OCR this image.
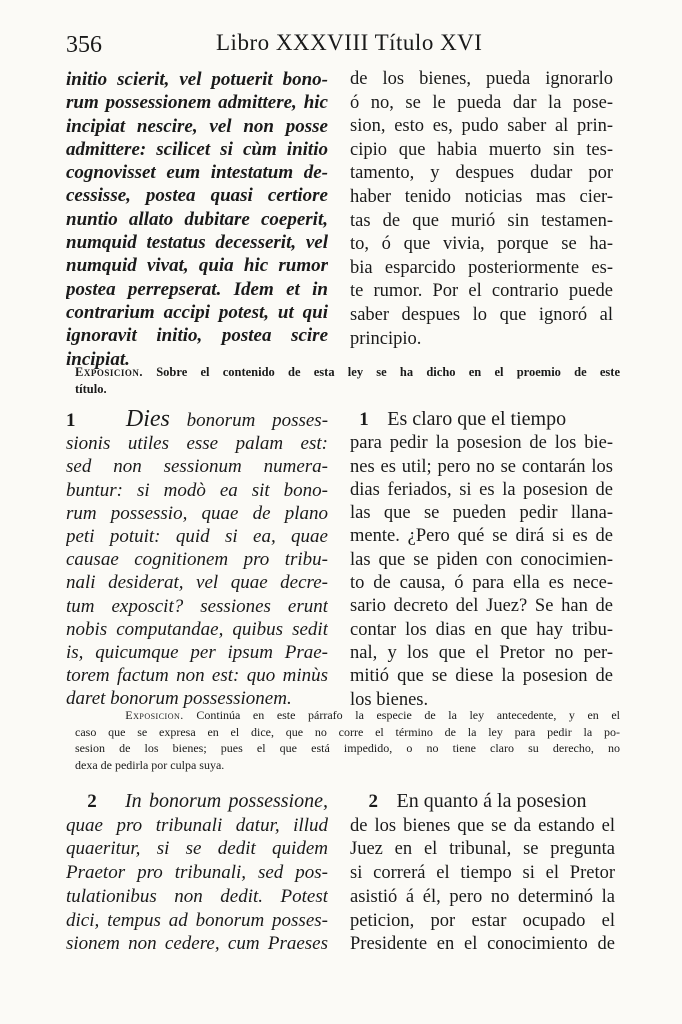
356	Libro XXXVIII Título XVI
initio scierit, vel potuerit bono-
rum possessionem admittere, hic
incipiat nescire, vel non posse
admittere: scilicet si cùm initio
cognovisset eum intestatum de-
cessisse, postea quasi certiore
nuntio allato dubitare coeperit,
numquid testatus decesserit, vel
numquid vivat, quia hic rumor
postea perrepserat. Idem et in
contrarium accipi potest, ut qui
ignoravit initio, postea scire
incipiat.
de los bienes, pueda ignorarlo
ó no, se le pueda dar la pose-
sion, esto es, pudo saber al prin-
cipio que habia muerto sin tes-
tamento, y despues dudar por
haber tenido noticias mas cier-
tas de que murió sin testamen-
to, ó que vivia, porque se ha-
bia esparcido posteriormente es-
te rumor. Por el contrario puede
saber despues lo que ignoró al
principio.
Exposicion. Sobre el contenido de esta ley se ha dicho en el proemio de este
título.
1 Dies bonorum posses-
sionis utiles esse palam est:
sed non sessionum numera-
buntur: si modò ea sit bono-
rum possessio, quae de plano
peti potuit: quid si ea, quae
causae cognitionem pro tribu-
nali desiderat, vel quae decre-
tum exposcit? sessiones erunt
nobis computandae, quibus sedit
is, quicumque per ipsum Prae-
torem factum non est: quo minùs
daret bonorum possessionem.
1 Es claro que el tiempo
para pedir la posesion de los bie-
nes es util; pero no se contarán los
dias feriados, si es la posesion de
las que se pueden pedir llana-
mente. ¿Pero qué se dirá si es de
las que se piden con conocimien-
to de causa, ó para ella es nece-
sario decreto del Juez? Se han de
contar los dias en que hay tribu-
nal, y los que el Pretor no per-
mitió que se diese la posesion de
los bienes.
Exposicion. Continúa en este párrafo la especie de la ley antecedente, y en el
caso que se expresa en el dice, que no corre el término de la ley para pedir la po-
sesion de los bienes; pues el que está impedido, o no tiene claro su derecho, no
dexa de pedirla por culpa suya.
2 In bonorum possessione,
quae pro tribunali datur, illud
quaeritur, si se dedit quidem
Praetor pro tribunali, sed pos-
tulationibus non dedit. Potest
dici, tempus ad bonorum posses-
sionem non cedere, cum Praeses
2 En quanto á la posesion
de los bienes que se da estando el
Juez en el tribunal, se pregunta
si correrá el tiempo si el Pretor
asistió á él, pero no determinó la
peticion, por estar ocupado el
Presidente en el conocimiento de
